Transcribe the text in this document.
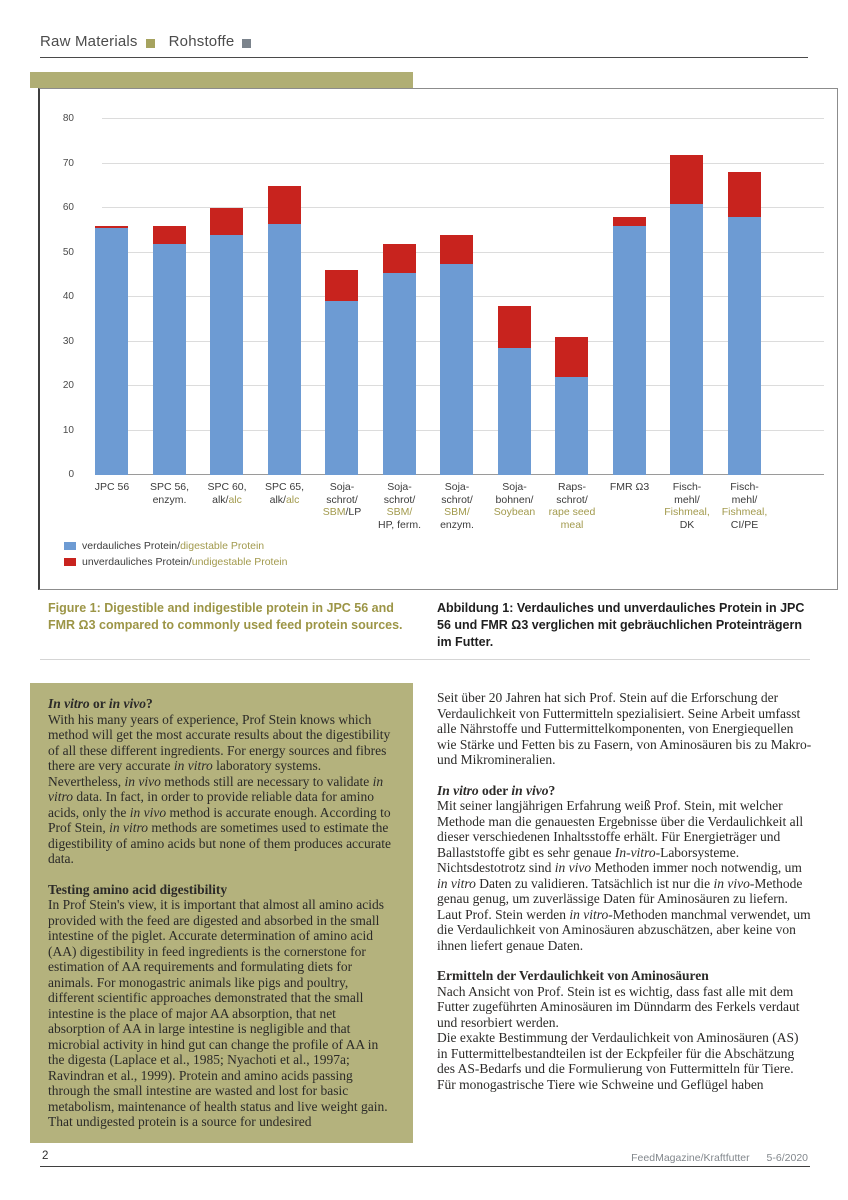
Raw Materials Rohstoffe
0
10
20
30
40
50
60
70
80
JPC 56	SPC 56,
enzym.
SPC 60,
alk/alc
SPC 65,
alk/alc
Soja-
schrot/
SBM/LP
Soja-
schrot/
SBM/
HP, ferm.
Soja-
schrot/
SBM/
enzym.
Soja-
bohnen/
Soybean
Raps-
schrot/
rape seed
meal
FMR Ω3	Fisch-
mehl/
Fishmeal,
DK
Fisch-
mehl/
Fishmeal,
CI/PE
verdauliches Protein/ digestable Protein
unverdauliches Protein/ undigestable Protein
Figure 1: Digestible and indigestible protein in JPC 56 and FMR Ω3 compared to commonly used feed protein sources.
Abbildung 1: Verdauliches und unverdauliches Protein in JPC 56 und FMR Ω3 verglichen mit gebräuchlichen Proteinträgern im Futter.
In vitro or in vivo?

With his many years of experience, Prof Stein knows which method will get the most accurate results about the digestibility of all these different ingredients. For energy sources and fibres there are very accurate in vitro laboratory systems. Nevertheless, in vivo methods still are necessary to validate in vitro data. In fact, in order to provide reliable data for amino acids, only the in vivo method is accurate enough. According to Prof Stein, in vitro methods are sometimes used to estimate the digestibility of amino acids but none of them produces accurate data.

Testing amino acid digestibility

In Prof Stein's view, it is important that almost all amino acids provided with the feed are digested and absorbed in the small intestine of the piglet. Accurate determination of amino acid (AA) digestibility in feed ingredients is the cornerstone for estimation of AA requirements and formulating diets for animals. For monogastric animals like pigs and poultry, different scientific approaches demonstrated that the small intestine is the place of major AA absorption, that net absorption of AA in large intestine is negligible and that microbial activity in hind gut can change the profile of AA in the digesta (Laplace et al., 1985; Nyachoti et al., 1997a; Ravindran et al., 1999). Protein and amino acids passing through the small intestine are wasted and lost for basic metabolism, maintenance of health status and live weight gain. That undigested protein is a source for undesired

Seit über 20 Jahren hat sich Prof. Stein auf die Erforschung der Verdaulichkeit von Futtermitteln spezialisiert. Seine Arbeit umfasst alle Nährstoffe und Futtermittelkomponenten, von Energiequellen wie Stärke und Fetten bis zu Fasern, von Aminosäuren bis zu Makro- und Mikromineralien.

In vitro oder in vivo?

Mit seiner langjährigen Erfahrung weiß Prof. Stein, mit welcher Methode man die genauesten Ergebnisse über die Verdaulichkeit all dieser verschiedenen Inhaltsstoffe erhält. Für Energieträger und Ballaststoffe gibt es sehr genaue In-vitro-Laborsysteme. Nichtsdestotrotz sind in vivo Methoden immer noch notwendig, um in vitro Daten zu validieren. Tatsächlich ist nur die in vivo-Methode genau genug, um zuverlässige Daten für Aminosäuren zu liefern. Laut Prof. Stein werden in vitro-Methoden manchmal verwendet, um die Verdaulichkeit von Aminosäuren abzuschätzen, aber keine von ihnen liefert genaue Daten.

Ermitteln der Verdaulichkeit von Aminosäuren

Nach Ansicht von Prof. Stein ist es wichtig, dass fast alle mit dem Futter zugeführten Aminosäuren im Dünndarm des Ferkels verdaut und resorbiert werden.

Die exakte Bestimmung der Verdaulichkeit von Aminosäuren (AS) in Futtermittelbestandteilen ist der Eckpfeiler für die Abschätzung des AS-Bedarfs und die Formulierung von Futtermitteln für Tiere.

Für monogastrische Tiere wie Schweine und Geflügel haben

2	FeedMagazine/Kraftfutter 5-6/2020
